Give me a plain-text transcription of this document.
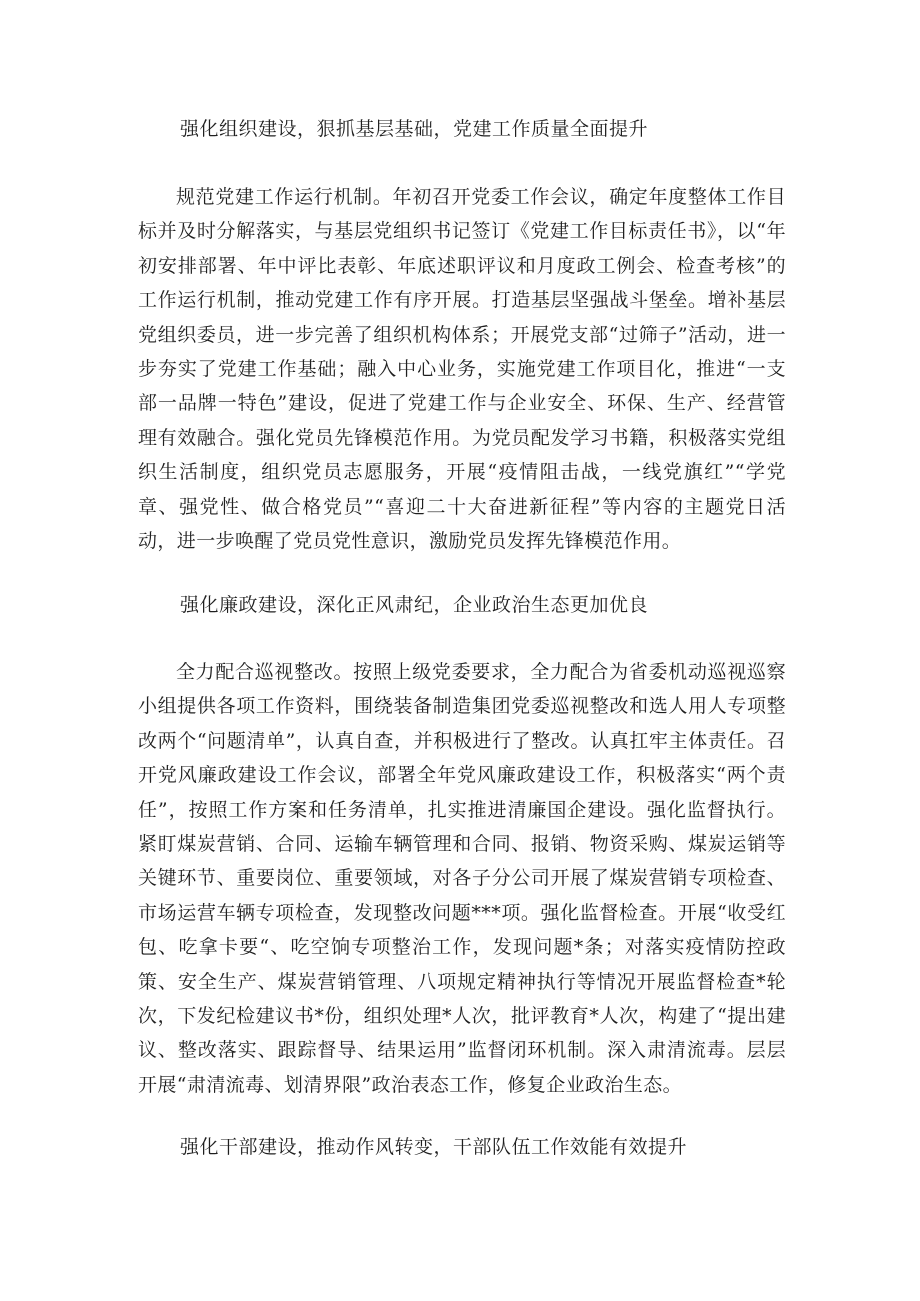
强化组织建设，狠抓基层基础，党建工作质量全面提升
规范党建工作运行机制。年初召开党委工作会议，确定年度整体工作目标并及时分解落实，与基层党组织书记签订《党建工作目标责任书》，以“年初安排部署、年中评比表彰、年底述职评议和月度政工例会、检查考核”的工作运行机制，推动党建工作有序开展。打造基层坚强战斗堡垒。增补基层党组织委员，进一步完善了组织机构体系；开展党支部“过筛子”活动，进一步夯实了党建工作基础；融入中心业务，实施党建工作项目化，推进“一支部一品牌一特色”建设，促进了党建工作与企业安全、环保、生产、经营管理有效融合。强化党员先锋模范作用。为党员配发学习书籍，积极落实党组织生活制度，组织党员志愿服务，开展“疫情阻击战，一线党旗红”“学党章、强党性、做合格党员”“喜迎二十大奋进新征程”等内容的主题党日活动，进一步唤醒了党员党性意识，激励党员发挥先锋模范作用。
强化廉政建设，深化正风肃纪，企业政治生态更加优良
全力配合巡视整改。按照上级党委要求，全力配合为省委机动巡视巡察小组提供各项工作资料，围绕装备制造集团党委巡视整改和选人用人专项整改两个“问题清单”，认真自查，并积极进行了整改。认真扛牢主体责任。召开党风廉政建设工作会议，部署全年党风廉政建设工作，积极落实“两个责任”，按照工作方案和任务清单，扎实推进清廉国企建设。强化监督执行。紧盯煤炭营销、合同、运输车辆管理和合同、报销、物资采购、煤炭运销等关键环节、重要岗位、重要领域，对各子分公司开展了煤炭营销专项检查、市场运营车辆专项检查，发现整改问题***项。强化监督检查。开展“收受红包、吃拿卡要“、吃空饷专项整治工作，发现问题*条；对落实疫情防控政策、安全生产、煤炭营销管理、八项规定精神执行等情况开展监督检查*轮次，下发纪检建议书*份，组织处理*人次，批评教育*人次，构建了“提出建议、整改落实、跟踪督导、结果运用”监督闭环机制。深入肃清流毒。层层开展“肃清流毒、划清界限”政治表态工作，修复企业政治生态。
强化干部建设，推动作风转变，干部队伍工作效能有效提升
